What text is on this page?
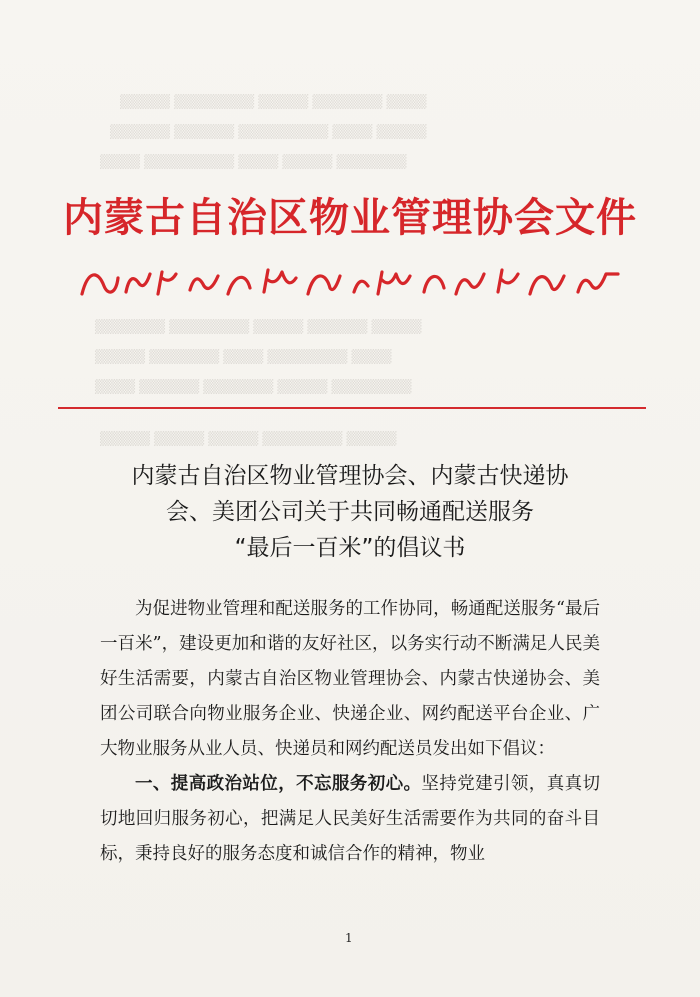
▒▒▒▒ ▒▒▒▒▒▒▒ ▒▒▒▒▒ ▒▒▒▒▒▒▒▒ ▒▒▒▒▒
▒▒▒▒▒ ▒▒▒▒ ▒▒▒▒▒▒▒▒▒ ▒▒▒▒▒▒ ▒▒▒▒▒▒
▒▒▒▒▒▒▒ ▒▒▒▒▒ ▒▒▒▒ ▒▒▒▒▒▒▒▒▒ ▒▒▒▒
▒▒▒▒▒ ▒▒▒▒▒▒ ▒▒▒▒▒ ▒▒▒▒▒▒▒▒ ▒▒▒▒▒▒▒
▒▒▒▒ ▒▒▒▒▒▒▒▒ ▒▒▒▒ ▒▒▒▒▒▒▒ ▒▒▒▒▒
▒▒▒▒▒▒▒▒ ▒▒▒▒▒ ▒▒▒▒▒▒▒ ▒▒▒▒▒▒ ▒▒▒▒
▒▒▒▒▒ ▒▒▒▒▒▒▒▒ ▒▒▒▒▒ ▒▒▒▒▒ ▒▒▒▒▒
内蒙古自治区物业管理协会文件
内蒙古自治区物业管理协会、内蒙古快递协
会、美团公司关于共同畅通配送服务
“最后一百米”的倡议书

为促进物业管理和配送服务的工作协同，畅通配送服务“最后一百米”，建设更加和谐的友好社区，以务实行动不断满足人民美好生活需要，内蒙古自治区物业管理协会、内蒙古快递协会、美团公司联合向物业服务企业、快递企业、网约配送平台企业、广大物业服务从业人员、快递员和网约配送员发出如下倡议：

一、提高政治站位，不忘服务初心。坚持党建引领，真真切切地回归服务初心，把满足人民美好生活需要作为共同的奋斗目标，秉持良好的服务态度和诚信合作的精神，物业

1
